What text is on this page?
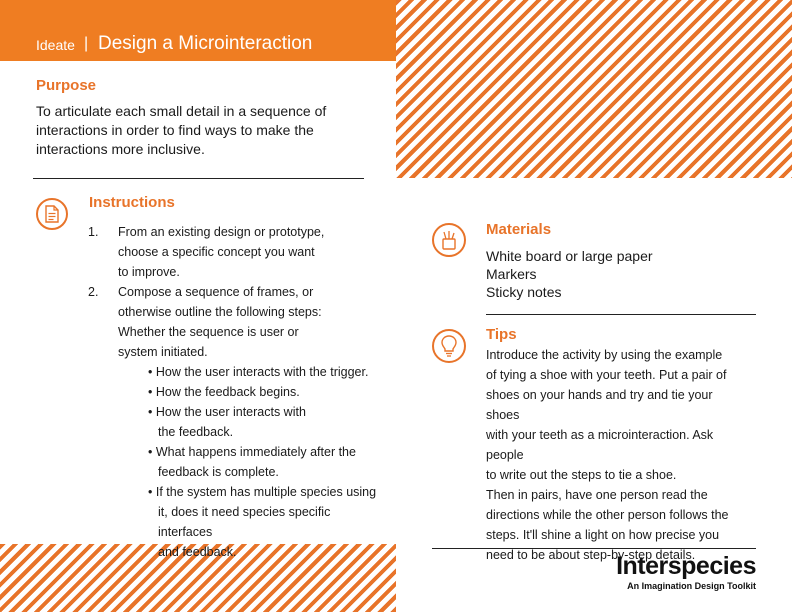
Ideate | Design a Microinteraction
Purpose
To articulate each small detail in a sequence of
interactions in order to find ways to make the
interactions more inclusive.
Instructions
1. From an existing design or prototype,
choose a specific concept you want
to improve.
2. Compose a sequence of frames, or
otherwise outline the following steps:
Whether the sequence is user or
system initiated.
• How the user interacts with the trigger.
• How the feedback begins.
• How the user interacts with
the feedback.
• What happens immediately after the
feedback is complete.
• If the system has multiple species using
it, does it need species specific interfaces
and feedback.
Materials
White board or large paper
Markers
Sticky notes
Tips
Introduce the activity by using the example
of tying a shoe with your teeth. Put a pair of
shoes on your hands and try and tie your shoes
with your teeth as a microinteraction. Ask people
to write out the steps to tie a shoe.
Then in pairs, have one person read the
directions while the other person follows the
steps. It'll shine a light on how precise you
need to be about step-by-step details.
Interspecies
An Imagination Design Toolkit
